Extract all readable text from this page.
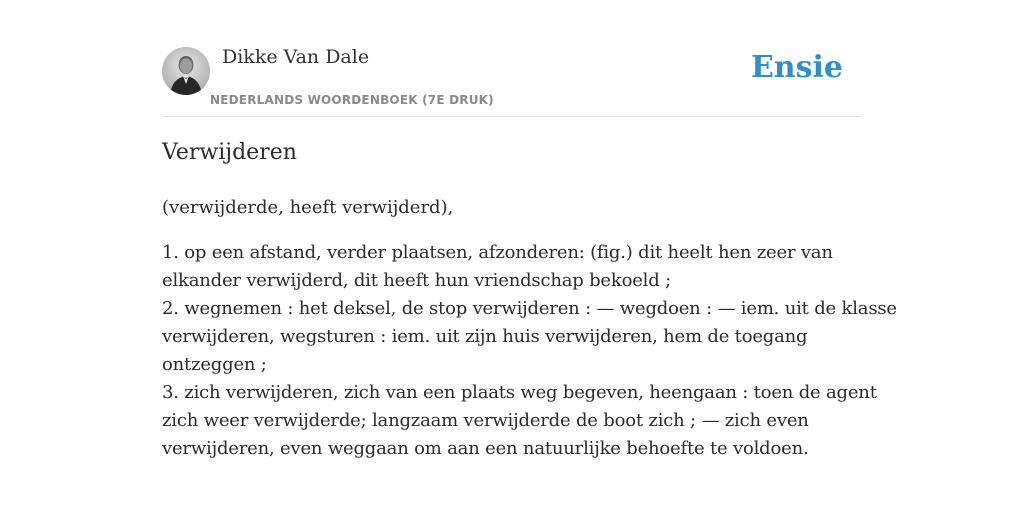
Dikke Van Dale
NEDERLANDS WOORDENBOEK (7E DRUK)
Ensie
Verwijderen

(verwijderde, heeft verwijderd),

1. op een afstand, verder plaatsen, afzonderen: (fig.) dit heelt hen zeer van
elkander verwijderd, dit heeft hun vriendschap bekoeld ;
2. wegnemen : het deksel, de stop verwijderen : — wegdoen : — iem. uit de klasse
verwijderen, wegsturen : iem. uit zijn huis verwijderen, hem de toegang
ontzeggen ;
3. zich verwijderen, zich van een plaats weg begeven, heengaan : toen de agent
zich weer verwijderde; langzaam verwijderde de boot zich ; — zich even
verwijderen, even weggaan om aan een natuurlijke behoefte te voldoen.
